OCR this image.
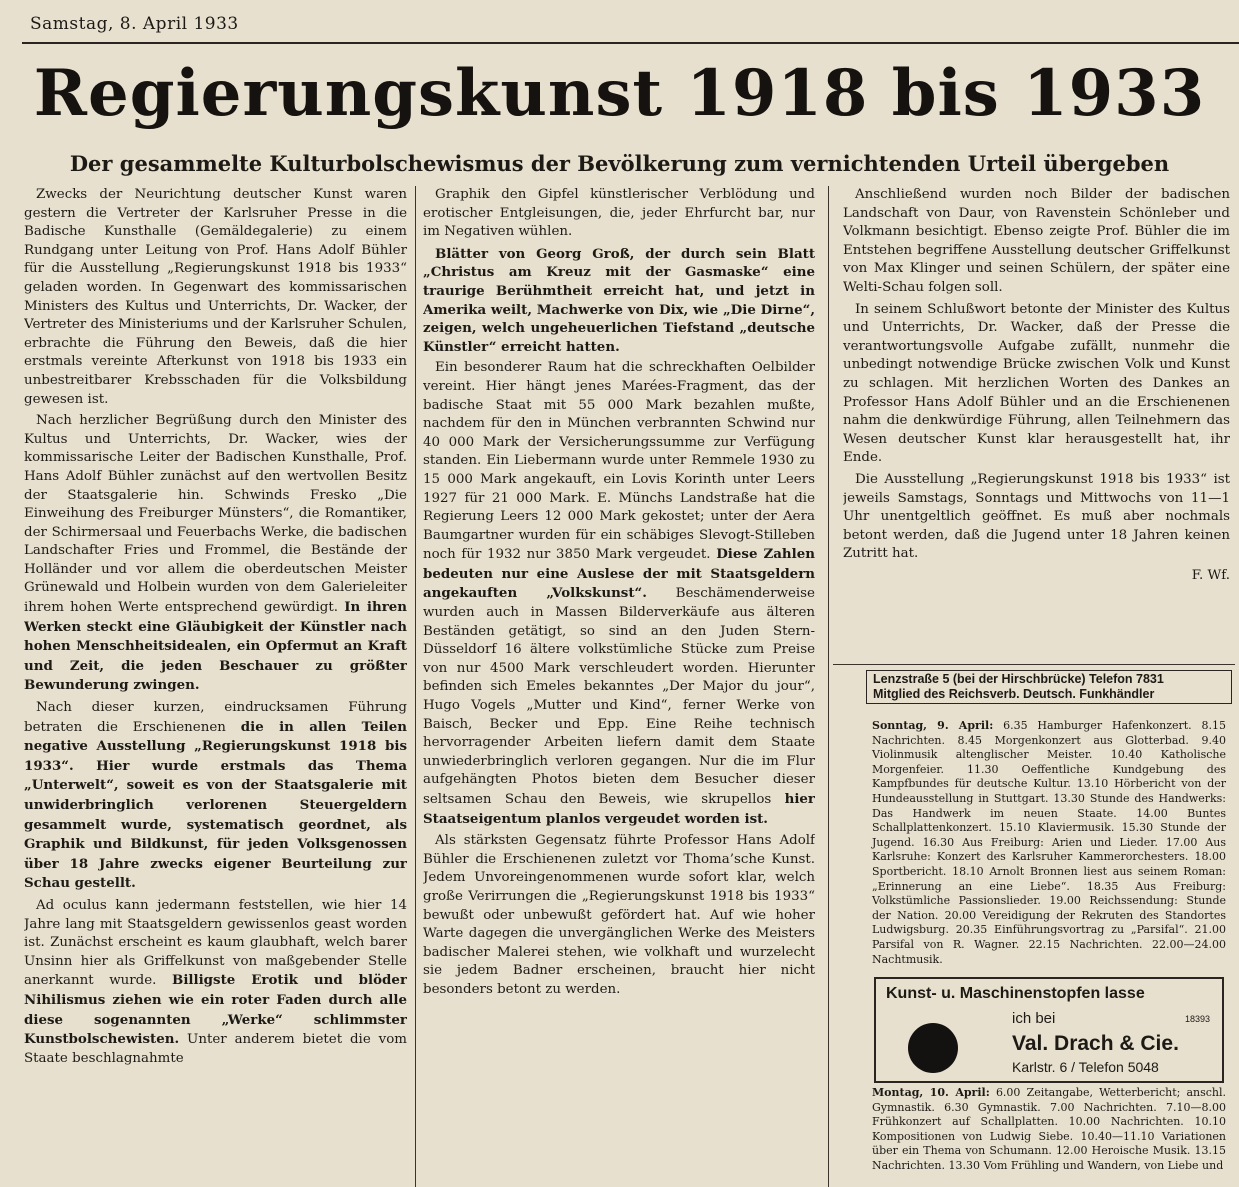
Samstag, 8. April 1933
Regierungskunst 1918 bis 1933
Der gesammelte Kulturbolschewismus der Bevölkerung zum vernichtenden Urteil übergeben

Zwecks der Neurichtung deutscher Kunst waren gestern die Vertreter der Karlsruher Presse in die Badische Kunsthalle (Gemäldegalerie) zu einem Rundgang unter Leitung von Prof. Hans Adolf Bühler für die Ausstellung „Regierungskunst 1918 bis 1933“ geladen worden. In Gegenwart des kommissarischen Ministers des Kultus und Unterrichts, Dr. Wacker, der Vertreter des Ministeriums und der Karlsruher Schulen, erbrachte die Führung den Beweis, daß die hier erstmals vereinte Afterkunst von 1918 bis 1933 ein unbestreitbarer Krebsschaden für die Volksbildung gewesen ist.

Nach herzlicher Begrüßung durch den Minister des Kultus und Unterrichts, Dr. Wacker, wies der kommissarische Leiter der Badischen Kunsthalle, Prof. Hans Adolf Bühler zunächst auf den wertvollen Besitz der Staatsgalerie hin. Schwinds Fresko „Die Einweihung des Freiburger Münsters“, die Romantiker, der Schirmersaal und Feuerbachs Werke, die badischen Landschafter Fries und Frommel, die Bestände der Holländer und vor allem die oberdeutschen Meister Grünewald und Holbein wurden von dem Galerieleiter ihrem hohen Werte entsprechend gewürdigt. In ihren Werken steckt eine Gläubigkeit der Künstler nach hohen Menschheitsidealen, ein Opfermut an Kraft und Zeit, die jeden Beschauer zu größter Bewunderung zwingen.

Nach dieser kurzen, eindrucksamen Führung betraten die Erschienenen die in allen Teilen negative Ausstellung „Regierungskunst 1918 bis 1933“. Hier wurde erstmals das Thema „Unterwelt“, soweit es von der Staatsgalerie mit unwiderbringlich verlorenen Steuergeldern gesammelt wurde, systematisch geordnet, als Graphik und Bildkunst, für jeden Volksgenossen über 18 Jahre zwecks eigener Beurteilung zur Schau gestellt.

Ad oculus kann jedermann feststellen, wie hier 14 Jahre lang mit Staatsgeldern gewissenlos geast worden ist. Zunächst erscheint es kaum glaubhaft, welch barer Unsinn hier als Griffelkunst von maßgebender Stelle anerkannt wurde. Billigste Erotik und blöder Nihilismus ziehen wie ein roter Faden durch alle diese sogenannten „Werke“ schlimmster Kunstbolschewisten. Unter anderem bietet die vom Staate beschlagnahmte

Graphik den Gipfel künstlerischer Verblödung und erotischer Entgleisungen, die, jeder Ehrfurcht bar, nur im Negativen wühlen.

Blätter von Georg Groß, der durch sein Blatt „Christus am Kreuz mit der Gasmaske“ eine traurige Berühmtheit erreicht hat, und jetzt in Amerika weilt, Machwerke von Dix, wie „Die Dirne“, zeigen, welch ungeheuerlichen Tiefstand „deutsche Künstler“ erreicht hatten.

Ein besonderer Raum hat die schreckhaften Oelbilder vereint. Hier hängt jenes Marées-Fragment, das der badische Staat mit 55 000 Mark bezahlen mußte, nachdem für den in München verbrannten Schwind nur 40 000 Mark der Versicherungssumme zur Verfügung standen. Ein Liebermann wurde unter Remmele 1930 zu 15 000 Mark angekauft, ein Lovis Korinth unter Leers 1927 für 21 000 Mark. E. Münchs Landstraße hat die Regierung Leers 12 000 Mark gekostet; unter der Aera Baumgartner wurden für ein schäbiges Slevogt-Stilleben noch für 1932 nur 3850 Mark vergeudet. Diese Zahlen bedeuten nur eine Auslese der mit Staatsgeldern angekauften „Volkskunst“. Beschämenderweise wurden auch in Massen Bilderverkäufe aus älteren Beständen getätigt, so sind an den Juden Stern-Düsseldorf 16 ältere volkstümliche Stücke zum Preise von nur 4500 Mark verschleudert worden. Hierunter befinden sich Emeles bekanntes „Der Major du jour“, Hugo Vogels „Mutter und Kind“, ferner Werke von Baisch, Becker und Epp. Eine Reihe technisch hervorragender Arbeiten liefern damit dem Staate unwiederbringlich verloren gegangen. Nur die im Flur aufgehängten Photos bieten dem Besucher dieser seltsamen Schau den Beweis, wie skrupellos hier Staatseigentum planlos vergeudet worden ist.

Als stärksten Gegensatz führte Professor Hans Adolf Bühler die Erschienenen zuletzt vor Thoma’sche Kunst. Jedem Unvoreingenommenen wurde sofort klar, welch große Verirrungen die „Regierungskunst 1918 bis 1933“ bewußt oder unbewußt gefördert hat. Auf wie hoher Warte dagegen die unvergänglichen Werke des Meisters badischer Malerei stehen, wie volkhaft und wurzelecht sie jedem Badner erscheinen, braucht hier nicht besonders betont zu werden.

Anschließend wurden noch Bilder der badischen Landschaft von Daur, von Ravenstein Schönleber und Volkmann besichtigt. Ebenso zeigte Prof. Bühler die im Entstehen begriffene Ausstellung deutscher Griffelkunst von Max Klinger und seinen Schülern, der später eine Welti-Schau folgen soll.

In seinem Schlußwort betonte der Minister des Kultus und Unterrichts, Dr. Wacker, daß der Presse die verantwortungsvolle Aufgabe zufällt, nunmehr die unbedingt notwendige Brücke zwischen Volk und Kunst zu schlagen. Mit herzlichen Worten des Dankes an Professor Hans Adolf Bühler und an die Erschienenen nahm die denkwürdige Führung, allen Teilnehmern das Wesen deutscher Kunst klar herausgestellt hat, ihr Ende.

Die Ausstellung „Regierungskunst 1918 bis 1933“ ist jeweils Samstags, Sonntags und Mittwochs von 11—1 Uhr unentgeltlich geöffnet. Es muß aber nochmals betont werden, daß die Jugend unter 18 Jahren keinen Zutritt hat.

F. Wf.
Lenzstraße 5 (bei der Hirschbrücke) Telefon 7831
Mitglied des Reichsverb. Deutsch. Funkhändler
Sonntag, 9. April: 6.35 Hamburger Hafenkonzert. 8.15 Nachrichten. 8.45 Morgenkonzert aus Glotterbad. 9.40 Violinmusik altenglischer Meister. 10.40 Katholische Morgenfeier. 11.30 Oeffentliche Kundgebung des Kampfbundes für deutsche Kultur. 13.10 Hörbericht von der Hundeausstellung in Stuttgart. 13.30 Stunde des Handwerks: Das Handwerk im neuen Staate. 14.00 Buntes Schallplattenkonzert. 15.10 Klaviermusik. 15.30 Stunde der Jugend. 16.30 Aus Freiburg: Arien und Lieder. 17.00 Aus Karlsruhe: Konzert des Karlsruher Kammerorchesters. 18.00 Sportbericht. 18.10 Arnolt Bronnen liest aus seinem Roman: „Erinnerung an eine Liebe“. 18.35 Aus Freiburg: Volkstümliche Passionslieder. 19.00 Reichssendung: Stunde der Nation. 20.00 Vereidigung der Rekruten des Standortes Ludwigsburg. 20.35 Einführungsvortrag zu „Parsifal“. 21.00 Parsifal von R. Wagner. 22.15 Nachrichten. 22.00—24.00 Nachtmusik.
Kunst- u. Maschinenstopfen lasse
ich bei	18393
Val. Drach & Cie.
Karlstr. 6 / Telefon 5048
Montag, 10. April: 6.00 Zeitangabe, Wetterbericht; anschl. Gymnastik. 6.30 Gymnastik. 7.00 Nachrichten. 7.10—8.00 Frühkonzert auf Schallplatten. 10.00 Nachrichten. 10.10 Kompositionen von Ludwig Siebe. 10.40—11.10 Variationen über ein Thema von Schumann. 12.00 Heroische Musik. 13.15 Nachrichten. 13.30 Vom Frühling und Wandern, von Liebe und
